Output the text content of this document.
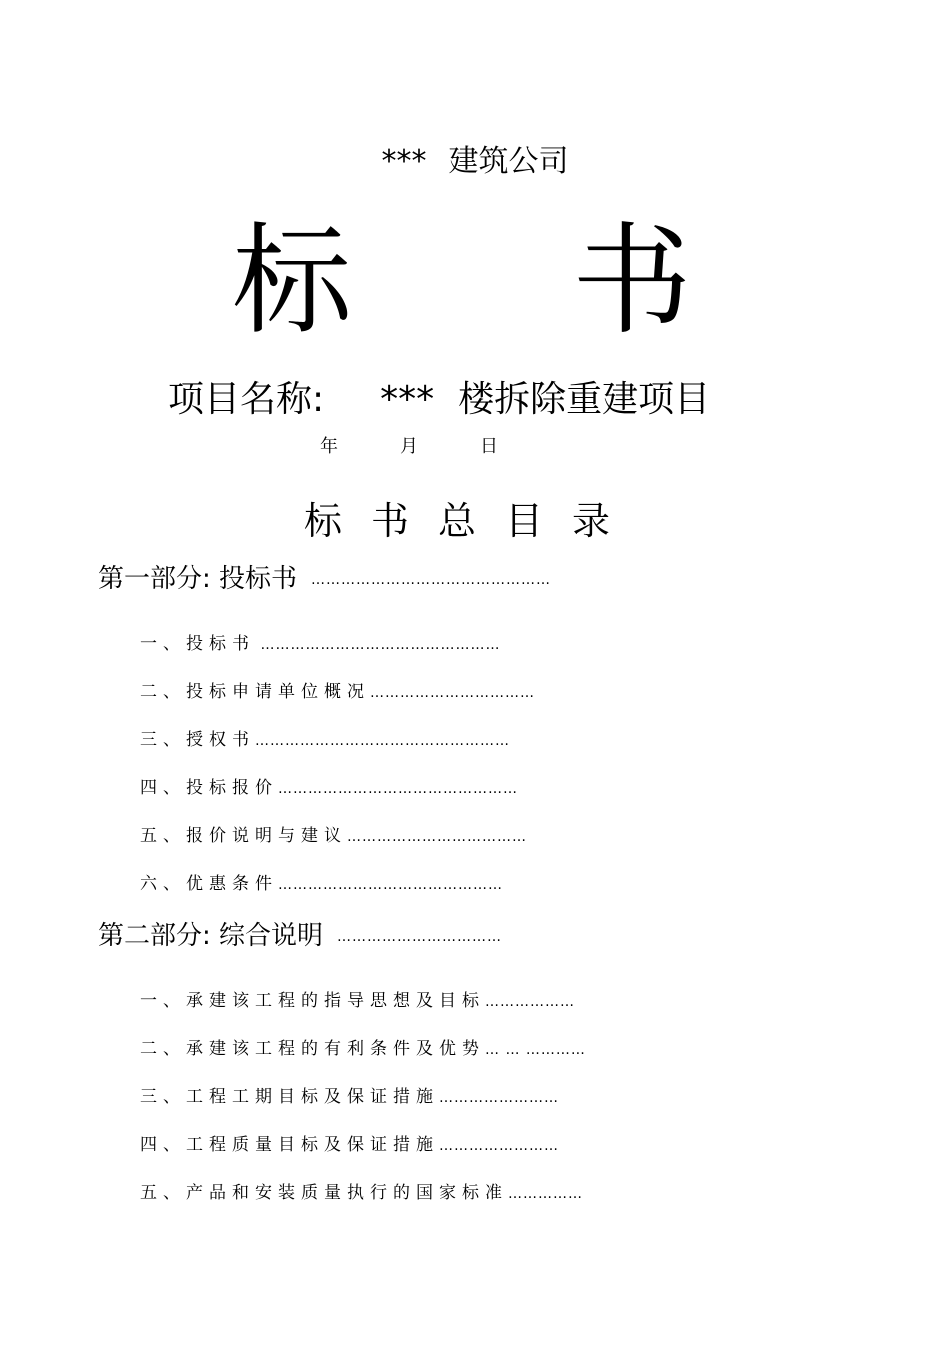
*** 建筑公司
标 书
项目名称: *** 楼拆除重建项目
年	月	日
标书总目录
第一部分: 投标书 …………………………………………
一、投标书 …………………………………………
二、投标申请单位概况……………………………
三、授权书……………………………………………
四、投标报价…………………………………………
五、报价说明与建议………………………………
六、优惠条件………………………………………
第二部分: 综合说明 ……………………………
一、承建该工程的指导思想及目标………………
二、承建该工程的有利条件及优势… … …………
三、工程工期目标及保证措施……………………
四、工程质量目标及保证措施……………………
五、产品和安装质量执行的国家标准……………
